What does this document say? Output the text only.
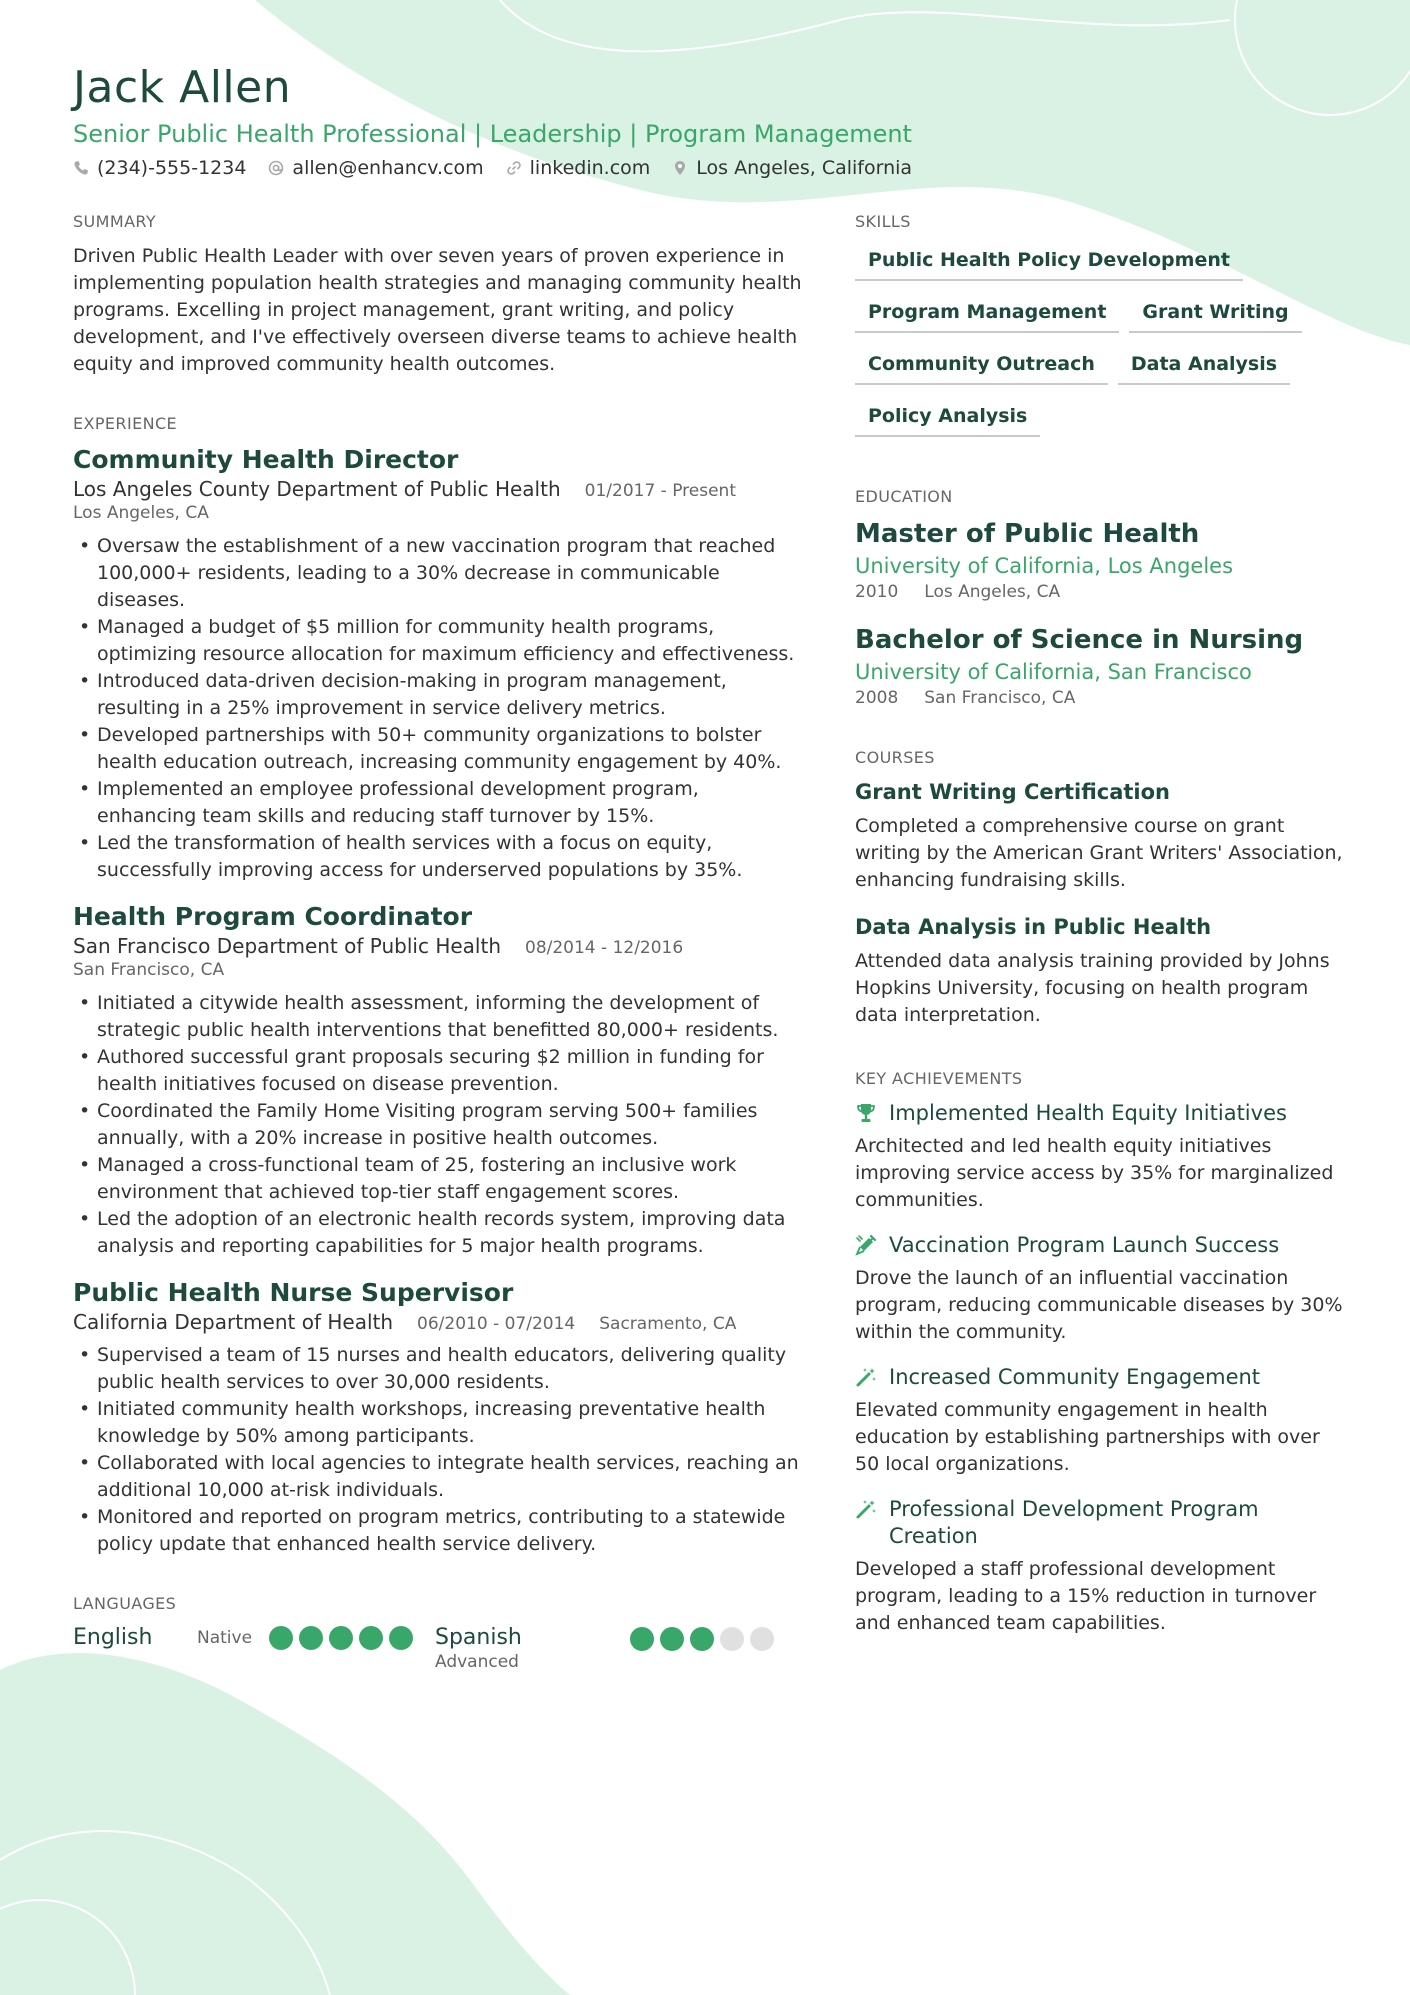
Jack Allen
Senior Public Health Professional | Leadership | Program Management
(234)-555-1234 allen@enhancv.com linkedin.com Los Angeles, California
SUMMARY

Driven Public Health Leader with over seven years of proven experience in implementing population health strategies and managing community health programs. Excelling in project management, grant writing, and policy development, and I've effectively overseen diverse teams to achieve health equity and improved community health outcomes.

EXPERIENCE
Community Health Director
Los Angeles County Department of Public Health 01/2017 - Present
Los Angeles, CA
• Oversaw the establishment of a new vaccination program that reached 100,000+ residents, leading to a 30% decrease in communicable diseases.
• Managed a budget of $5 million for community health programs, optimizing resource allocation for maximum efficiency and effectiveness.
• Introduced data-driven decision-making in program management, resulting in a 25% improvement in service delivery metrics.
• Developed partnerships with 50+ community organizations to bolster health education outreach, increasing community engagement by 40%.
• Implemented an employee professional development program, enhancing team skills and reducing staff turnover by 15%.
• Led the transformation of health services with a focus on equity, successfully improving access for underserved populations by 35%.
Health Program Coordinator
San Francisco Department of Public Health 08/2014 - 12/2016
San Francisco, CA
• Initiated a citywide health assessment, informing the development of strategic public health interventions that benefitted 80,000+ residents.
• Authored successful grant proposals securing $2 million in funding for health initiatives focused on disease prevention.
• Coordinated the Family Home Visiting program serving 500+ families annually, with a 20% increase in positive health outcomes.
• Managed a cross-functional team of 25, fostering an inclusive work environment that achieved top-tier staff engagement scores.
• Led the adoption of an electronic health records system, improving data analysis and reporting capabilities for 5 major health programs.
Public Health Nurse Supervisor
California Department of Health 06/2010 - 07/2014 Sacramento, CA
• Supervised a team of 15 nurses and health educators, delivering quality public health services to over 30,000 residents.
• Initiated community health workshops, increasing preventative health knowledge by 50% among participants.
• Collaborated with local agencies to integrate health services, reaching an additional 10,000 at-risk individuals.
• Monitored and reported on program metrics, contributing to a statewide policy update that enhanced health service delivery.
LANGUAGES
English	Native	Spanish
Advanced
SKILLS
Public Health Policy Development
Program Management	Grant Writing
Community Outreach	Data Analysis
Policy Analysis
EDUCATION
Master of Public Health
University of California, Los Angeles
2010 Los Angeles, CA
Bachelor of Science in Nursing
University of California, San Francisco
2008 San Francisco, CA
COURSES
Grant Writing Certification
Completed a comprehensive course on grant writing by the American Grant Writers' Association, enhancing fundraising skills.
Data Analysis in Public Health
Attended data analysis training provided by Johns Hopkins University, focusing on health program data interpretation.
KEY ACHIEVEMENTS
Implemented Health Equity Initiatives
Architected and led health equity initiatives improving service access by 35% for marginalized communities.
Vaccination Program Launch Success
Drove the launch of an influential vaccination program, reducing communicable diseases by 30% within the community.
Increased Community Engagement
Elevated community engagement in health education by establishing partnerships with over 50 local organizations.
Professional Development Program Creation
Developed a staff professional development program, leading to a 15% reduction in turnover and enhanced team capabilities.
